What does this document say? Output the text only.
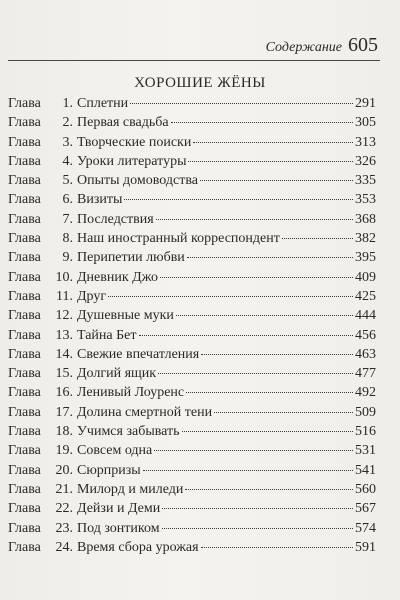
Содержание 605
ХОРОШИЕ ЖЁНЫ
Глава	1. Сплетни	291
Глава	2. Первая свадьба	305
Глава	3. Творческие поиски	313
Глава	4. Уроки литературы	326
Глава	5. Опыты домоводства	335
Глава	6. Визиты	353
Глава	7. Последствия	368
Глава	8. Наш иностранный корреспондент	382
Глава	9. Перипетии любви	395
Глава	10. Дневник Джо	409
Глава	11. Друг	425
Глава	12. Душевные муки	444
Глава	13. Тайна Бет	456
Глава	14. Свежие впечатления	463
Глава	15. Долгий ящик	477
Глава	16. Ленивый Лоуренс	492
Глава	17. Долина смертной тени	509
Глава	18. Учимся забывать	516
Глава	19. Совсем одна	531
Глава	20. Сюрпризы	541
Глава	21. Милорд и миледи	560
Глава	22. Дейзи и Деми	567
Глава	23. Под зонтиком	574
Глава	24. Время сбора урожая	591
